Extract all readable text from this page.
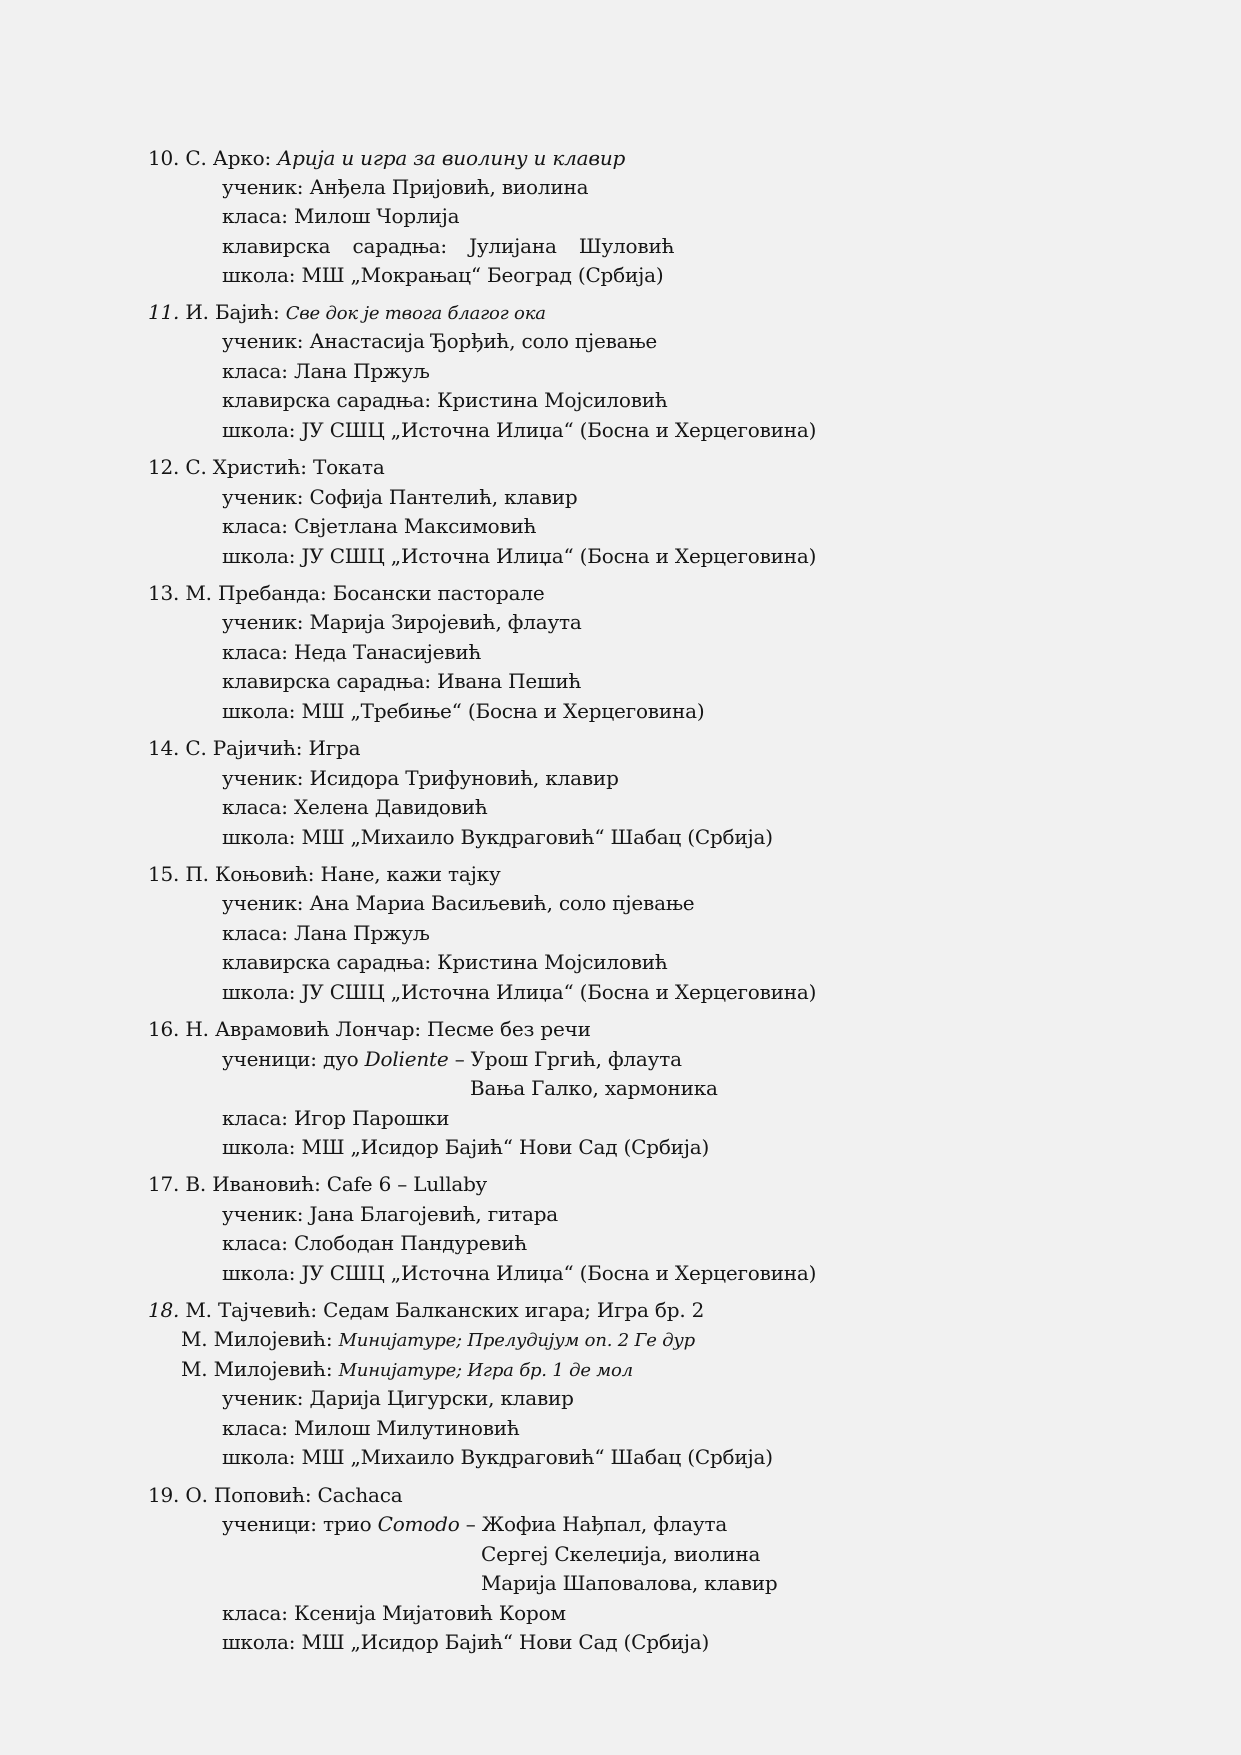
10. С. Арко: Арија и игра за виолину и клавир
ученик: Анђела Пријовић, виолина
класа: Милош Чорлија
клавирска сарадња: Јулијана Шуловић
школа: МШ „Мокрањац“ Београд (Србија)
11. И. Бајић: Све док је твога благог ока
ученик: Анастасија Ђорђић, соло пјевање
класа: Лана Пржуљ
клавирска сарадња: Кристина Мојсиловић
школа: ЈУ СШЦ „Источна Илиџа“ (Босна и Херцеговина)
12. С. Христић: Токата
ученик: Софија Пантелић, клавир
класа: Свјетлана Максимовић
школа: ЈУ СШЦ „Источна Илиџа“ (Босна и Херцеговина)
13. М. Пребанда: Босански пасторале
ученик: Марија Зиројевић, флаута
класа: Неда Танасијевић
клавирска сарадња: Ивана Пешић
школа: МШ „Требиње“ (Босна и Херцеговина)
14. С. Рајичић: Игра
ученик: Исидора Трифуновић, клавир
класа: Хелена Давидовић
школа: МШ „Михаило Вукдраговић“ Шабац (Србија)
15. П. Коњовић: Нане, кажи тајку
ученик: Ана Мариа Васиљевић, соло пјевање
класа: Лана Пржуљ
клавирска сарадња: Кристина Мојсиловић
школа: ЈУ СШЦ „Источна Илиџа“ (Босна и Херцеговина)
16. Н. Аврамовић Лончар: Песме без речи
ученици: дуо Doliente – Урош Гргић, флаута
Вања Галко, хармоника
класа: Игор Парошки
школа: МШ „Исидор Бајић“ Нови Сад (Србија)
17. В. Ивановић: Cafe 6 – Lullaby
ученик: Јана Благојевић, гитара
класа: Слободан Пандуревић
школа: ЈУ СШЦ „Источна Илиџа“ (Босна и Херцеговина)
18. М. Тајчевић: Седам Балканских игара; Игра бр. 2
М. Милојевић: Минијатуре; Прелудијум оп. 2 Ге дур
М. Милојевић: Минијатуре; Игра бр. 1 де мол
ученик: Дарија Цигурски, клавир
класа: Милош Милутиновић
школа: МШ „Михаило Вукдраговић“ Шабац (Србија)
19. О. Поповић: Cachaca
ученици: трио Comodo – Жофиа Нађпал, флаута
Сергеј Скелеџија, виолина
Марија Шаповалова, клавир
класа: Ксенија Мијатовић Кором
школа: МШ „Исидор Бајић“ Нови Сад (Србија)
